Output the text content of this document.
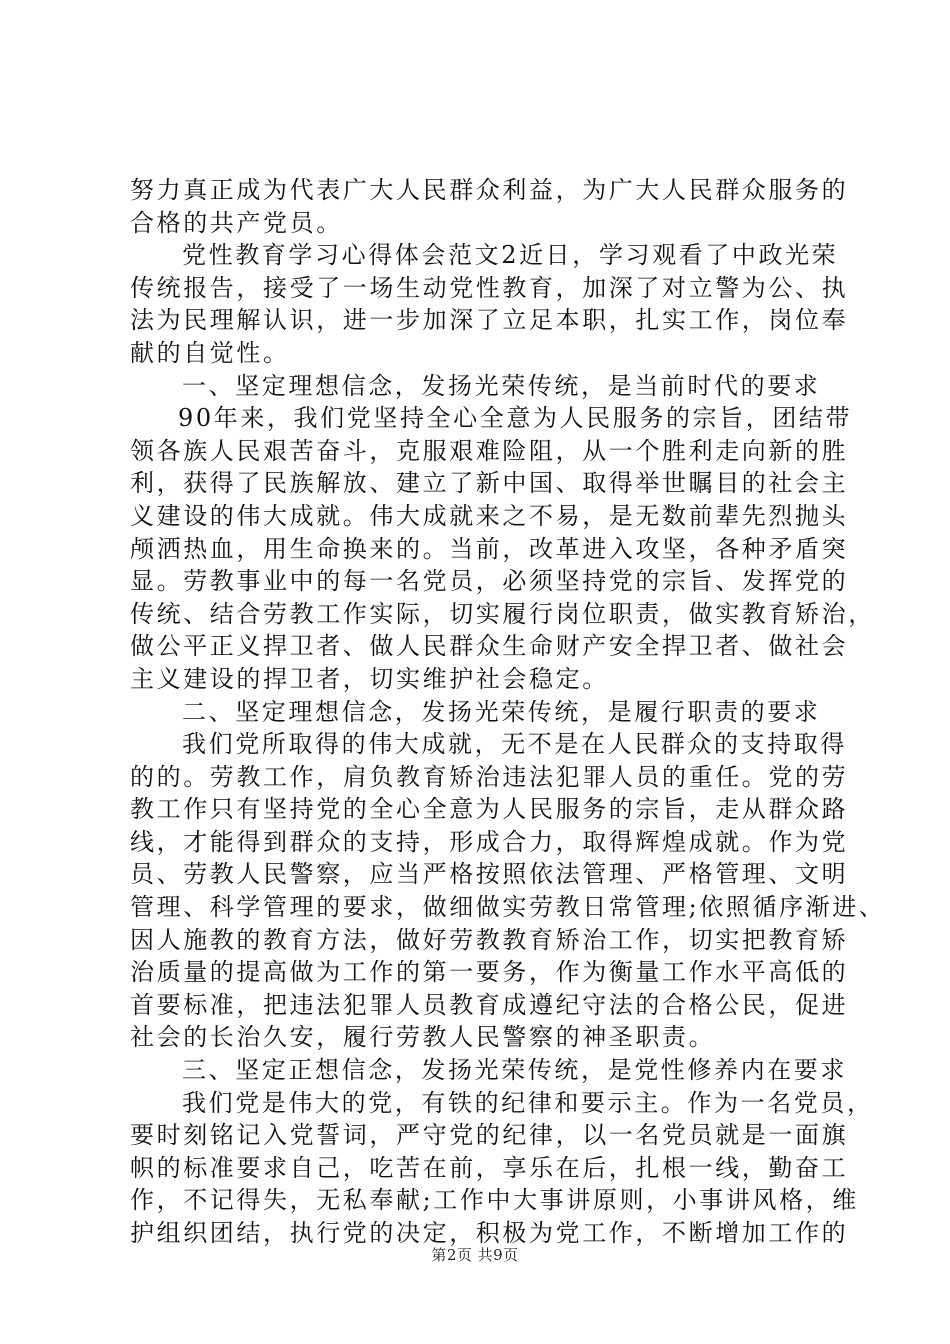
努力真正成为代表广大人民群众利益，为广大人民群众服务的
合格的共产党员。
党性教育学习心得体会范文2近日，学习观看了中政光荣
传统报告，接受了一场生动党性教育，加深了对立警为公、执
法为民理解认识，进一步加深了立足本职，扎实工作，岗位奉
献的自觉性。
一、坚定理想信念，发扬光荣传统，是当前时代的要求
90年来，我们党坚持全心全意为人民服务的宗旨，团结带
领各族人民艰苦奋斗，克服艰难险阻，从一个胜利走向新的胜
利，获得了民族解放、建立了新中国、取得举世瞩目的社会主
义建设的伟大成就。伟大成就来之不易，是无数前辈先烈抛头
颅洒热血，用生命换来的。当前，改革进入攻坚，各种矛盾突
显。劳教事业中的每一名党员，必须坚持党的宗旨、发挥党的
传统、结合劳教工作实际，切实履行岗位职责，做实教育矫治，
做公平正义捍卫者、做人民群众生命财产安全捍卫者、做社会
主义建设的捍卫者，切实维护社会稳定。
二、坚定理想信念，发扬光荣传统，是履行职责的要求
我们党所取得的伟大成就，无不是在人民群众的支持取得
的的。劳教工作，肩负教育矫治违法犯罪人员的重任。党的劳
教工作只有坚持党的全心全意为人民服务的宗旨，走从群众路
线，才能得到群众的支持，形成合力，取得辉煌成就。作为党
员、劳教人民警察，应当严格按照依法管理、严格管理、文明
管理、科学管理的要求，做细做实劳教日常管理;依照循序渐进、
因人施教的教育方法，做好劳教教育矫治工作，切实把教育矫
治质量的提高做为工作的第一要务，作为衡量工作水平高低的
首要标准，把违法犯罪人员教育成遵纪守法的合格公民，促进
社会的长治久安，履行劳教人民警察的神圣职责。
三、坚定正想信念，发扬光荣传统，是党性修养内在要求
我们党是伟大的党，有铁的纪律和要示主。作为一名党员，
要时刻铭记入党誓词，严守党的纪律，以一名党员就是一面旗
帜的标准要求自己，吃苦在前，享乐在后，扎根一线，勤奋工
作，不记得失，无私奉献;工作中大事讲原则，小事讲风格，维
护组织团结，执行党的决定，积极为党工作，不断增加工作的
第2页 共9页
